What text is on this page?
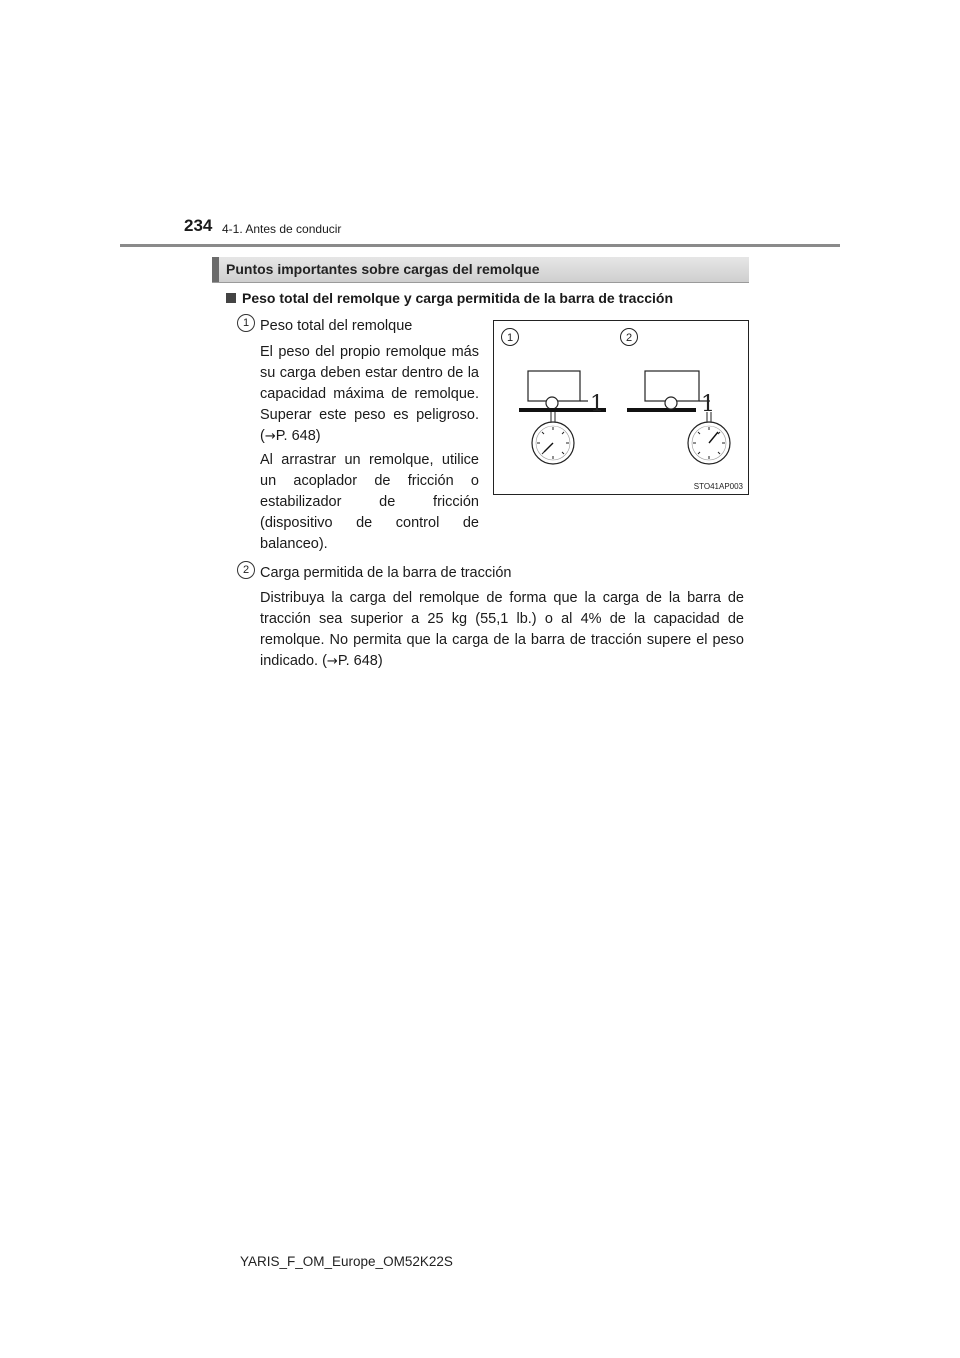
234 4-1. Antes de conducir
Puntos importantes sobre cargas del remolque
Peso total del remolque y carga permitida de la barra de tracción
1 Peso total del remolque
El peso del propio remolque más su carga deben estar dentro de la capacidad máxima de remolque. Superar este peso es peligroso. (→P. 648)
Al arrastrar un remolque, utilice un acoplador de fricción o estabilizador de fricción (dispositivo de control de balanceo).
1	2
1	1
STO41AP003
2 Carga permitida de la barra de tracción
Distribuya la carga del remolque de forma que la carga de la barra de tracción sea superior a 25 kg (55,1 lb.) o al 4% de la capacidad de remolque. No permita que la carga de la barra de tracción supere el peso indicado. (→P. 648)
YARIS_F_OM_Europe_OM52K22S
